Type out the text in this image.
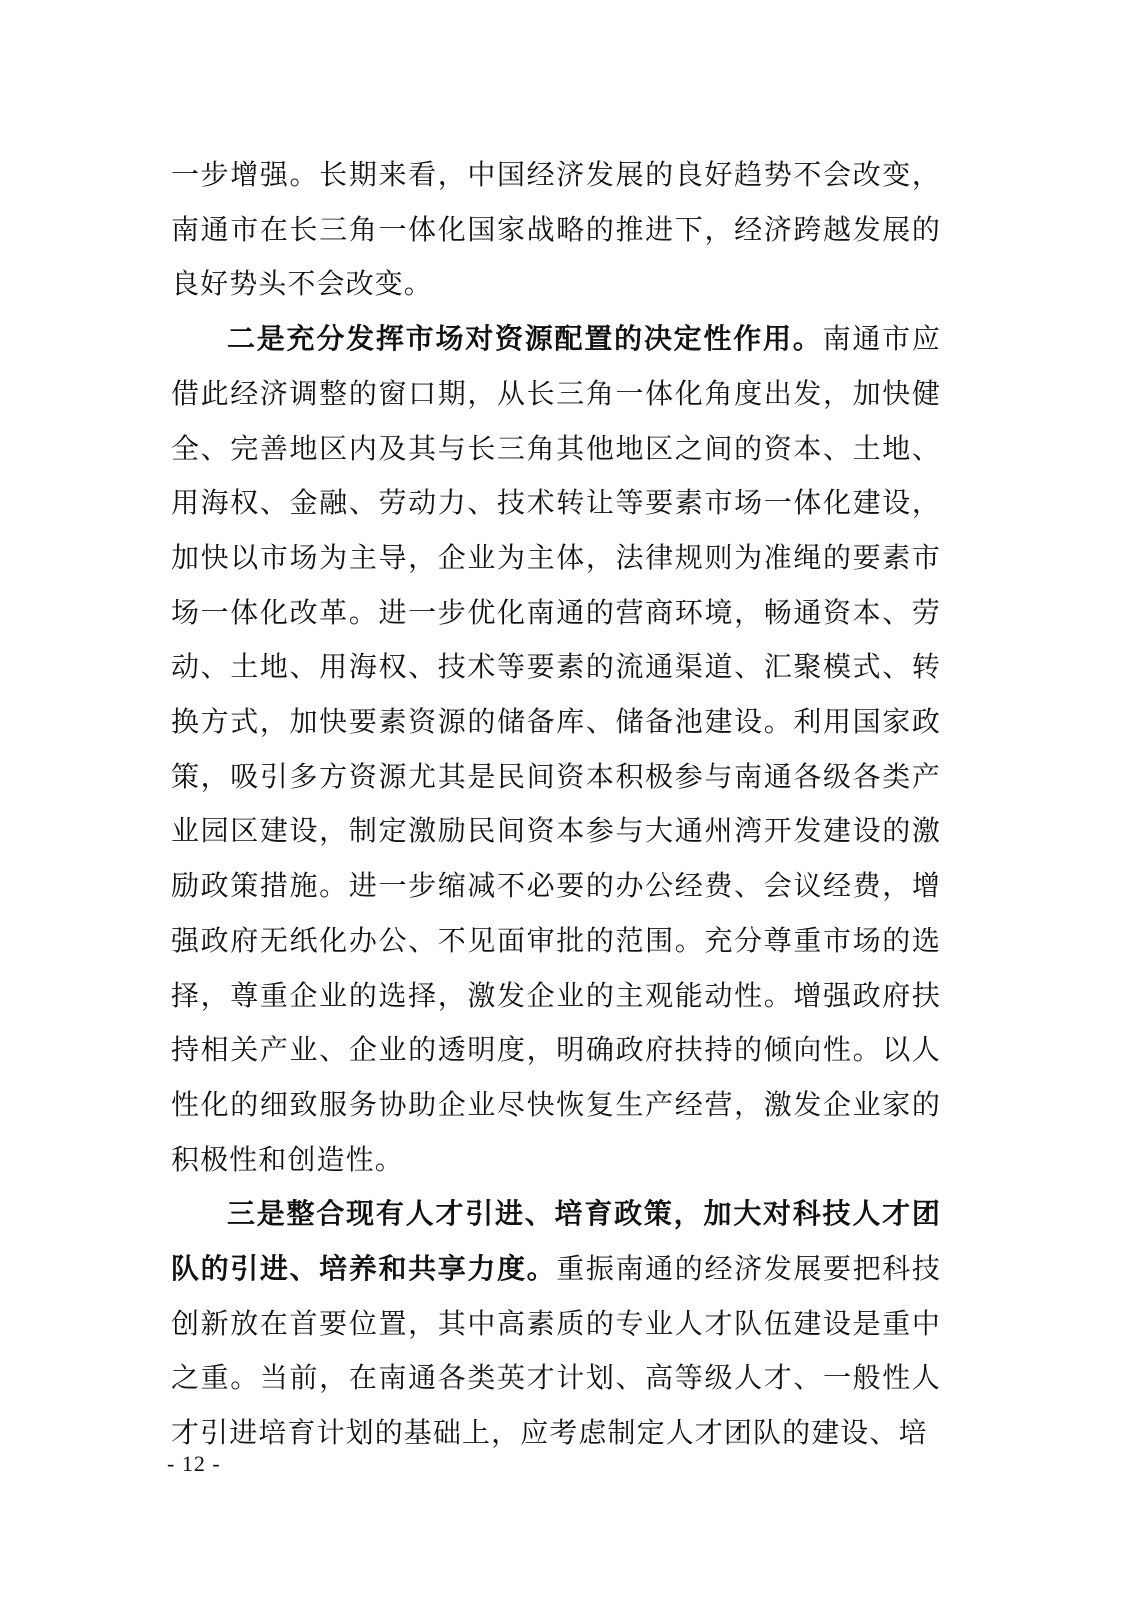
一步增强。长期来看，中国经济发展的良好趋势不会改变，南通市在长三角一体化国家战略的推进下，经济跨越发展的良好势头不会改变。

二是充分发挥市场对资源配置的决定性作用。南通市应借此经济调整的窗口期，从长三角一体化角度出发，加快健全、完善地区内及其与长三角其他地区之间的资本、土地、用海权、金融、劳动力、技术转让等要素市场一体化建设，加快以市场为主导，企业为主体，法律规则为准绳的要素市场一体化改革。进一步优化南通的营商环境，畅通资本、劳动、土地、用海权、技术等要素的流通渠道、汇聚模式、转换方式，加快要素资源的储备库、储备池建设。利用国家政策，吸引多方资源尤其是民间资本积极参与南通各级各类产业园区建设，制定激励民间资本参与大通州湾开发建设的激励政策措施。进一步缩减不必要的办公经费、会议经费，增强政府无纸化办公、不见面审批的范围。充分尊重市场的选择，尊重企业的选择，激发企业的主观能动性。增强政府扶持相关产业、企业的透明度，明确政府扶持的倾向性。以人性化的细致服务协助企业尽快恢复生产经营，激发企业家的积极性和创造性。

三是整合现有人才引进、培育政策，加大对科技人才团队的引进、培养和共享力度。重振南通的经济发展要把科技创新放在首要位置，其中高素质的专业人才队伍建设是重中之重。当前，在南通各类英才计划、高等级人才、一般性人才引进培育计划的基础上，应考虑制定人才团队的建设、培

- 12 -
